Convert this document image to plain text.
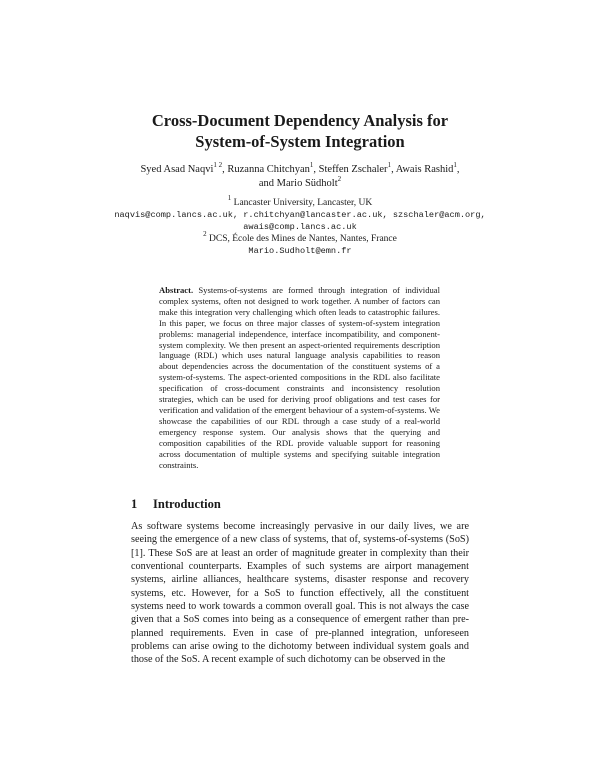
Cross-Document Dependency Analysis for
System-of-System Integration
Syed Asad Naqvi$^{1 2}$, Ruzanna Chitchyan$^1$, Steffen Zschaler$^1$, Awais Rashid$^1$,
and Mario Südholt$^2$
$^1$ Lancaster University, Lancaster, UK
naqvis@comp.lancs.ac.uk, r.chitchyan@lancaster.ac.uk, szschaler@acm.org,
awais@comp.lancs.ac.uk
$^2$ DCS, École des Mines de Nantes, Nantes, France
Mario.Sudholt@emn.fr
Abstract. Systems-of-systems are formed through integration of individual complex systems, often not designed to work together. A number of factors can make this integration very challenging which often leads to catastrophic failures. In this paper, we focus on three major classes of system-of-system integration problems: managerial independence, interface incompatibility, and component-system complexity. We then present an aspect-oriented requirements description language (RDL) which uses natural language analysis capabilities to reason about dependencies across the documentation of the constituent systems of a system-of-systems. The aspect-oriented compositions in the RDL also facilitate specification of cross-document constraints and inconsistency resolution strategies, which can be used for deriving proof obligations and test cases for verification and validation of the emergent behaviour of a system-of-systems. We showcase the capabilities of our RDL through a case study of a real-world emergency response system. Our analysis shows that the querying and composition capabilities of the RDL provide valuable support for reasoning across documentation of multiple systems and specifying suitable integration constraints.
1 Introduction
As software systems become increasingly pervasive in our daily lives, we are seeing the emergence of a new class of systems, that of, systems-of-systems (SoS) [1]. These SoS are at least an order of magnitude greater in complexity than their conventional counterparts. Examples of such systems are airport management systems, airline alliances, healthcare systems, disaster response and recovery systems, etc. However, for a SoS to function effectively, all the constituent systems need to work towards a common overall goal. This is not always the case given that a SoS comes into being as a consequence of emergent rather than pre-planned requirements. Even in case of pre-planned integration, unforeseen problems can arise owing to the dichotomy between individual system goals and those of the SoS. A recent example of such dichotomy can be observed in the
